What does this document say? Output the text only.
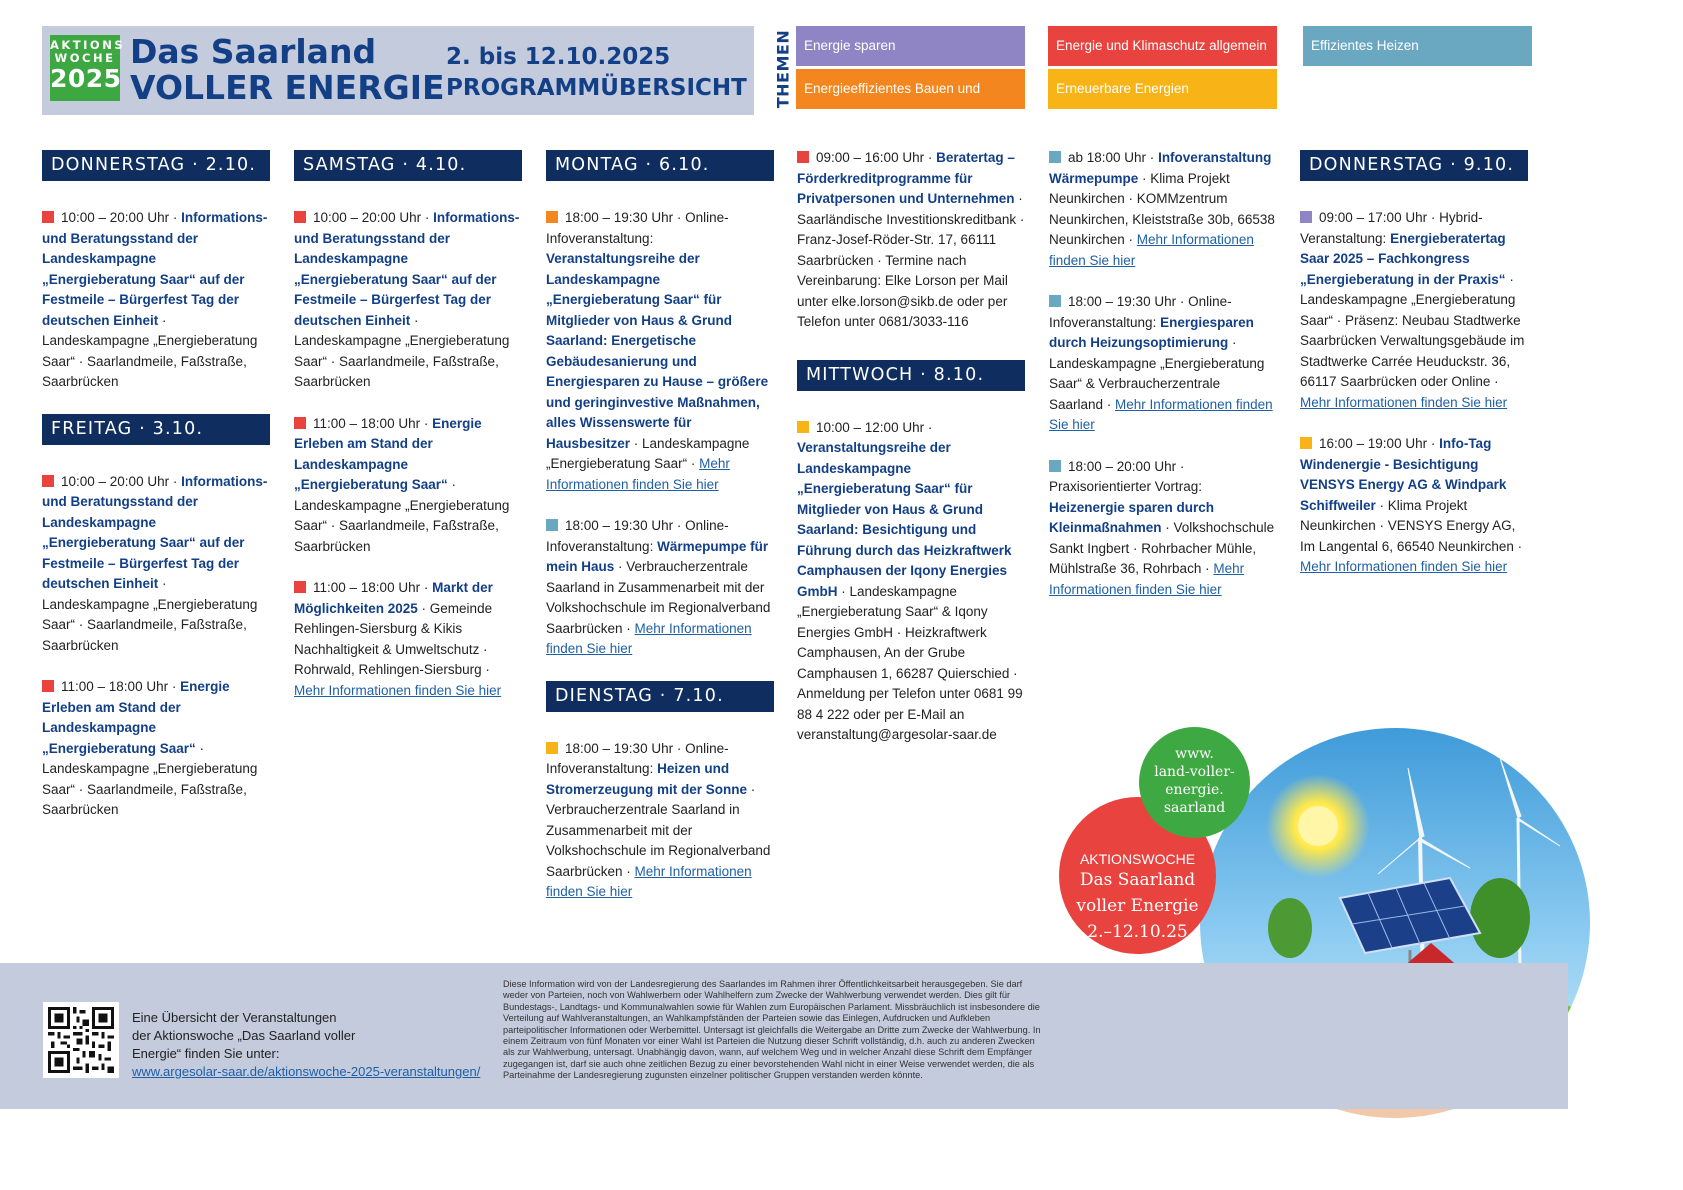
AKTIONS
WOCHE
2025
Das Saarland
VOLLER ENERGIE
2. bis 12.10.2025
PROGRAMMÜBERSICHT THEMEN Energie sparen
Energieeffizientes Bauen und Sanieren
Energie und Klimaschutz allgemein
Erneuerbare Energien
Effizientes Heizen
DONNERSTAG · 2.10.
10:00 – 20:00 Uhr · Informations- und Beratungsstand der Landeskampagne „Energieberatung Saar“ auf der Festmeile – Bürgerfest Tag der deutschen Einheit · Landeskampagne „Energieberatung Saar“ · Saarlandmeile, Faßstraße, Saarbrücken
FREITAG · 3.10.
10:00 – 20:00 Uhr · Informations- und Beratungsstand der Landeskampagne „Energieberatung Saar“ auf der Festmeile – Bürgerfest Tag der deutschen Einheit · Landeskampagne „Energieberatung Saar“ · Saarlandmeile, Faßstraße, Saarbrücken
11:00 – 18:00 Uhr · Energie Erleben am Stand der Landeskampagne „Energieberatung Saar“ · Landeskampagne „Energieberatung Saar“ · Saarlandmeile, Faßstraße, Saarbrücken
SAMSTAG · 4.10.
10:00 – 20:00 Uhr · Informations- und Beratungsstand der Landeskampagne „Energieberatung Saar“ auf der Festmeile – Bürgerfest Tag der deutschen Einheit · Landeskampagne „Energieberatung Saar“ · Saarlandmeile, Faßstraße, Saarbrücken
11:00 – 18:00 Uhr · Energie Erleben am Stand der Landeskampagne „Energieberatung Saar“ · Landeskampagne „Energieberatung Saar“ · Saarlandmeile, Faßstraße, Saarbrücken
11:00 – 18:00 Uhr · Markt der Möglichkeiten 2025 · Gemeinde Rehlingen-Siersburg & Kikis Nachhaltigkeit & Umweltschutz · Rohrwald, Rehlingen-Siersburg · Mehr Informationen finden Sie hier
MONTAG · 6.10.
18:00 – 19:30 Uhr · Online-Infoveranstaltung: Veranstaltungsreihe der Landeskampagne „Energieberatung Saar“ für Mitglieder von Haus & Grund Saarland: Energetische Gebäudesanierung und Energiesparen zu Hause – größere und geringinvestive Maßnahmen, alles Wissenswerte für Hausbesitzer · Landeskampagne „Energieberatung Saar“ · Mehr Informationen finden Sie hier
18:00 – 19:30 Uhr · Online-Infoveranstaltung: Wärmepumpe für mein Haus · Verbraucherzentrale Saarland in Zusammenarbeit mit der Volkshochschule im Regionalverband Saarbrücken · Mehr Informationen finden Sie hier
DIENSTAG · 7.10.
18:00 – 19:30 Uhr · Online-Infoveranstaltung: Heizen und Stromerzeugung mit der Sonne · Verbraucherzentrale Saarland in Zusammenarbeit mit der Volkshochschule im Regionalverband Saarbrücken · Mehr Informationen finden Sie hier
09:00 – 16:00 Uhr · Beratertag – Förderkreditprogramme für Privatpersonen und Unternehmen · Saarländische Investitionskreditbank · Franz-Josef-Röder-Str. 17, 66111 Saarbrücken · Termine nach Vereinbarung: Elke Lorson per Mail unter elke.lorson@sikb.de oder per Telefon unter 0681/3033-116
MITTWOCH · 8.10.
10:00 – 12:00 Uhr · Veranstaltungsreihe der Landeskampagne „Energieberatung Saar“ für Mitglieder von Haus & Grund Saarland: Besichtigung und Führung durch das Heizkraftwerk Camphausen der Iqony Energies GmbH · Landeskampagne „Energieberatung Saar“ & Iqony Energies GmbH · Heizkraftwerk Camphausen, An der Grube Camphausen 1, 66287 Quierschied · Anmeldung per Telefon unter 0681 99 88 4 222 oder per E-Mail an veranstaltung@argesolar-saar.de
ab 18:00 Uhr · Infoveranstaltung Wärmepumpe · Klima Projekt Neunkirchen · KOMMzentrum Neunkirchen, Kleiststraße 30b, 66538 Neunkirchen · Mehr Informationen finden Sie hier
18:00 – 19:30 Uhr · Online-Infoveranstaltung: Energiesparen durch Heizungsoptimierung · Landeskampagne „Energieberatung Saar“ & Verbraucherzentrale Saarland · Mehr Informationen finden Sie hier
18:00 – 20:00 Uhr · Praxisorientierter Vortrag: Heizenergie sparen durch Kleinmaßnahmen · Volkshochschule Sankt Ingbert · Rohrbacher Mühle, Mühlstraße 36, Rohrbach · Mehr Informationen finden Sie hier
DONNERSTAG · 9.10.
09:00 – 17:00 Uhr · Hybrid-Veranstaltung: Energieberatertag Saar 2025 – Fachkongress „Energieberatung in der Praxis“ · Landeskampagne „Energieberatung Saar“ · Präsenz: Neubau Stadtwerke Saarbrücken Verwaltungsgebäude im Stadtwerke Carrée Heuduckstr. 36, 66117 Saarbrücken oder Online · Mehr Informationen finden Sie hier
16:00 – 19:00 Uhr · Info-Tag Windenergie - Besichtigung VENSYS Energy AG & Windpark Schiffweiler · Klima Projekt Neunkirchen · VENSYS Energy AG, Im Langental 6, 66540 Neunkirchen · Mehr Informationen finden Sie hier
AKTIONSWOCHE
Das Saarland
voller Energie
2.–12.10.25
www.
land-voller-
energie.
saarland
Eine Übersicht der Veranstaltungen
der Aktionswoche „Das Saarland voller
Energie“ finden Sie unter:
www.argesolar-saar.de/aktionswoche-2025-veranstaltungen/
Diese Information wird von der Landesregierung des Saarlandes im Rahmen ihrer Öffentlichkeitsarbeit herausgegeben. Sie darf weder von Parteien, noch von Wahlwerbern oder Wahlhelfern zum Zwecke der Wahlwerbung verwendet werden. Dies gilt für Bundestags-, Landtags- und Kommunalwahlen sowie für Wahlen zum Europäischen Parlament. Missbräuchlich ist insbesondere die Verteilung auf Wahlveranstaltungen, an Wahlkampfständen der Parteien sowie das Einlegen, Aufdrucken und Aufkleben parteipolitischer Informationen oder Werbemittel. Untersagt ist gleichfalls die Weitergabe an Dritte zum Zwecke der Wahlwerbung. In einem Zeitraum von fünf Monaten vor einer Wahl ist Parteien die Nutzung dieser Schrift vollständig, d.h. auch zu anderen Zwecken als zur Wahlwerbung, untersagt. Unabhängig davon, wann, auf welchem Weg und in welcher Anzahl diese Schrift dem Empfänger zugegangen ist, darf sie auch ohne zeitlichen Bezug zu einer bevorstehenden Wahl nicht in einer Weise verwendet werden, die als Parteinahme der Landesregierung zugunsten einzelner politischer Gruppen verstanden werden könnte.
